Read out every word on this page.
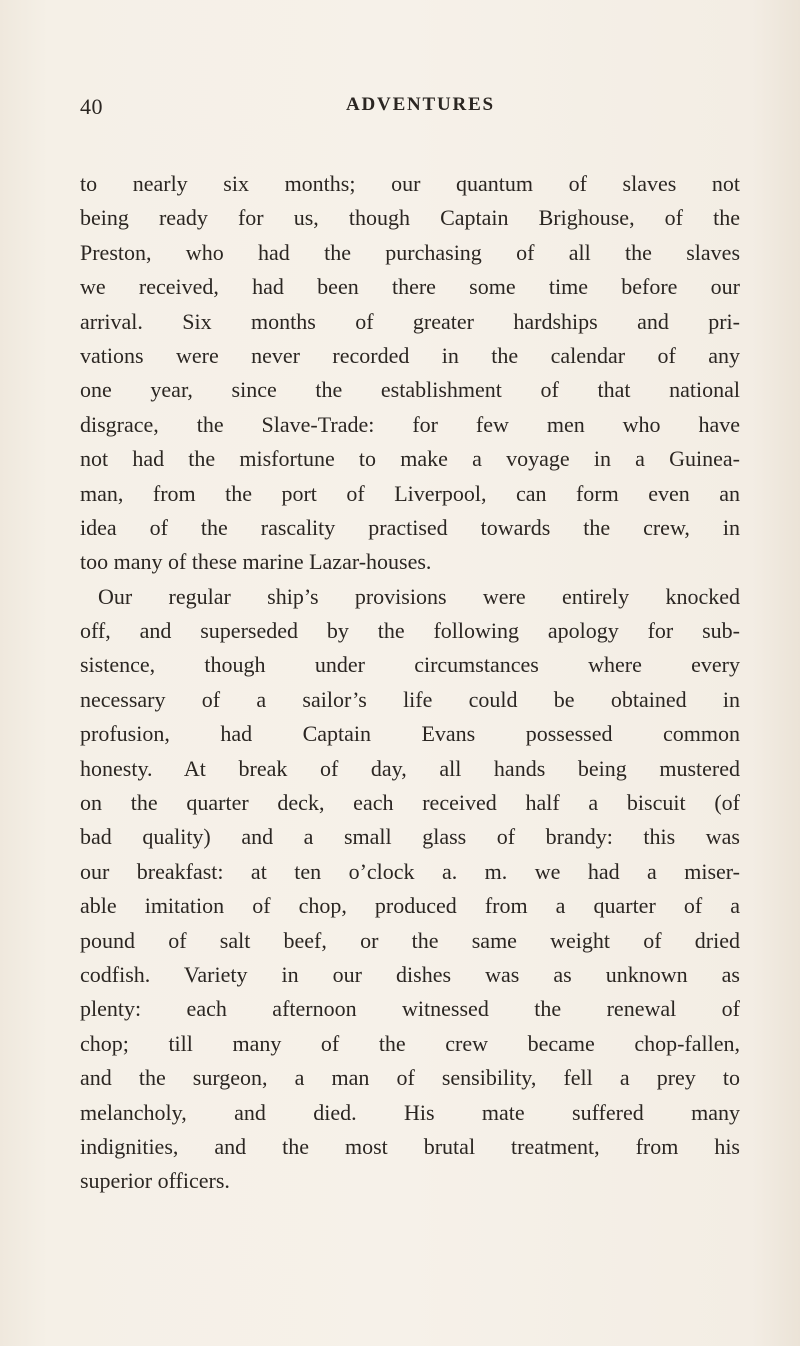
40	ADVENTURES
to nearly six months; our quantum of slaves not
being ready for us, though Captain Brighouse, of the
Preston, who had the purchasing of all the slaves
we received, had been there some time before our
arrival. Six months of greater hardships and pri-
vations were never recorded in the calendar of any
one year, since the establishment of that national
disgrace, the Slave-Trade: for few men who have
not had the misfortune to make a voyage in a Guinea-
man, from the port of Liverpool, can form even an
idea of the rascality practised towards the crew, in
too many of these marine Lazar-houses.
Our regular ship’s provisions were entirely knocked
off, and superseded by the following apology for sub-
sistence, though under circumstances where every
necessary of a sailor’s life could be obtained in
profusion, had Captain Evans possessed common
honesty. At break of day, all hands being mustered
on the quarter deck, each received half a biscuit (of
bad quality) and a small glass of brandy: this was
our breakfast: at ten o’clock a. m. we had a miser-
able imitation of chop, produced from a quarter of a
pound of salt beef, or the same weight of dried
codfish. Variety in our dishes was as unknown as
plenty: each afternoon witnessed the renewal of
chop; till many of the crew became chop-fallen,
and the surgeon, a man of sensibility, fell a prey to
melancholy, and died. His mate suffered many
indignities, and the most brutal treatment, from his
superior officers.
